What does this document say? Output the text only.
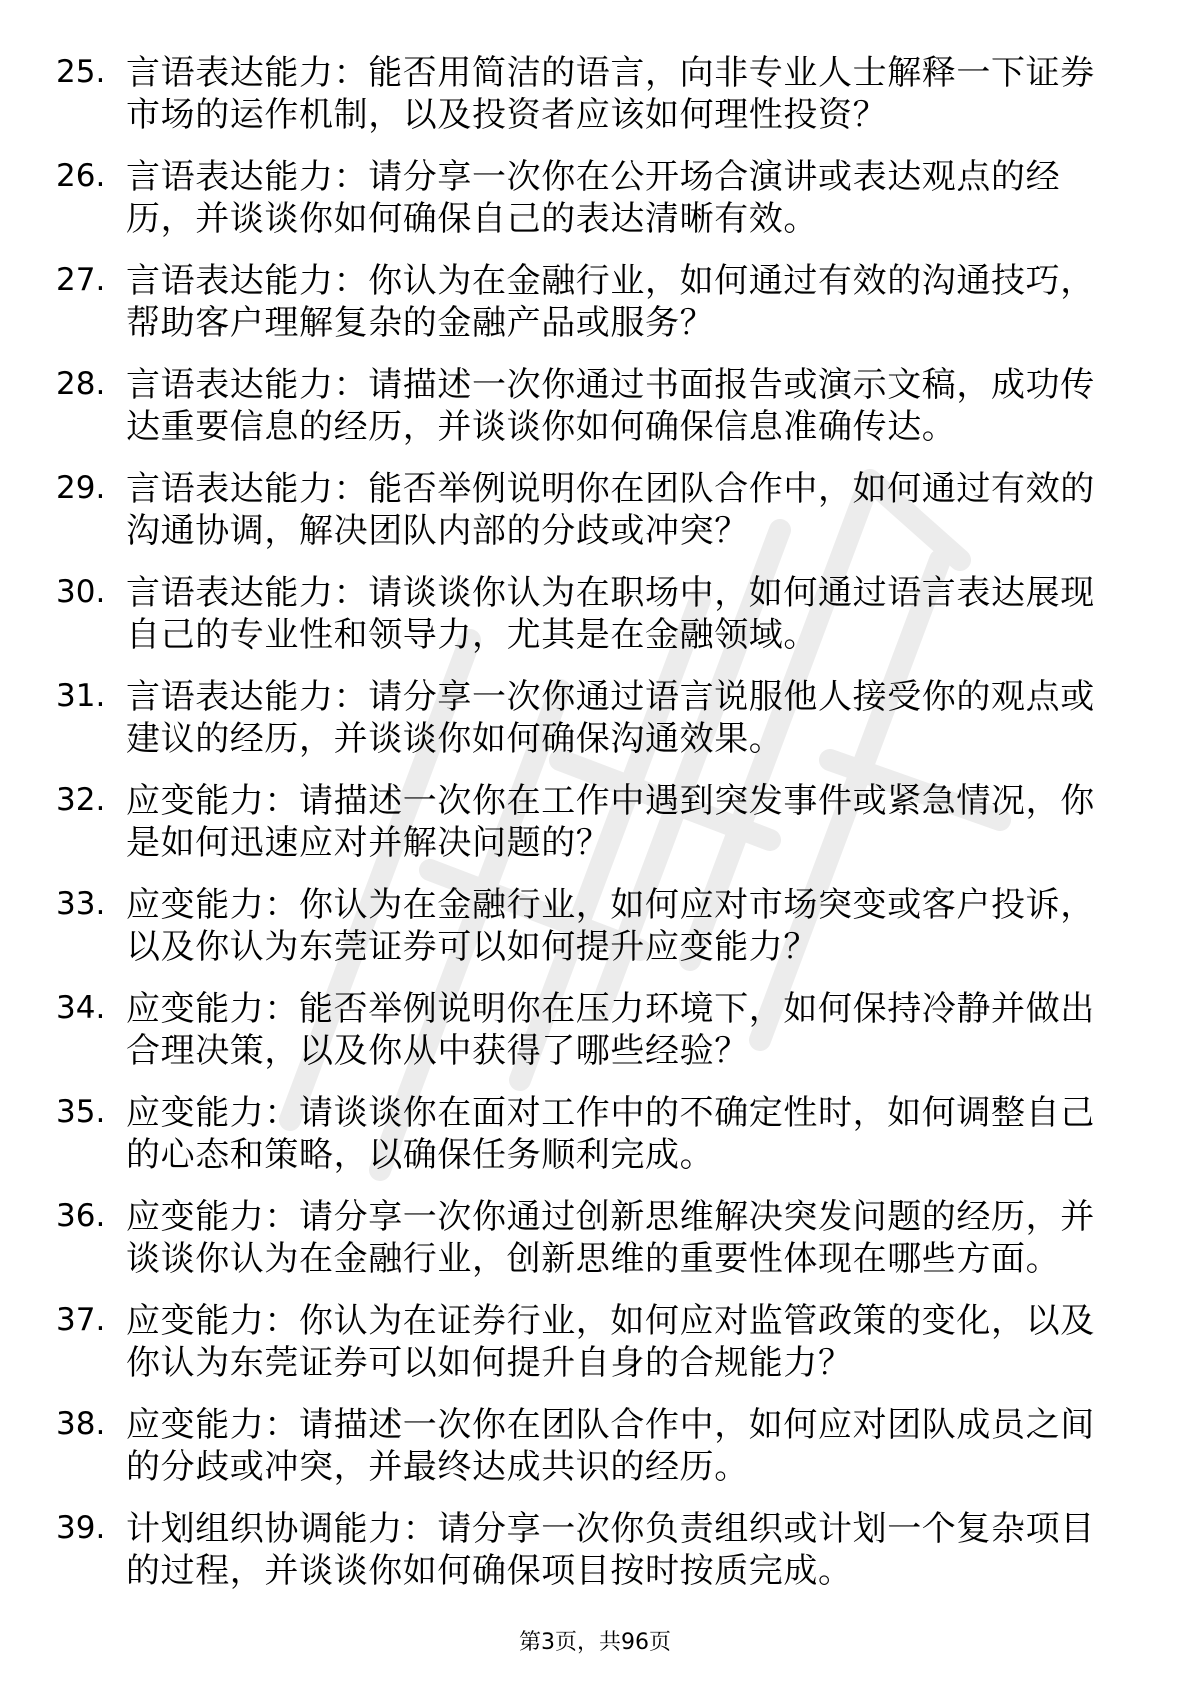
25. 言语表达能力：能否用简洁的语言，向非专业人士解释一下证券
市场的运作机制，以及投资者应该如何理性投资？
26. 言语表达能力：请分享一次你在公开场合演讲或表达观点的经
历，并谈谈你如何确保自己的表达清晰有效。
27. 言语表达能力：你认为在金融行业，如何通过有效的沟通技巧，
帮助客户理解复杂的金融产品或服务？
28. 言语表达能力：请描述一次你通过书面报告或演示文稿，成功传
达重要信息的经历，并谈谈你如何确保信息准确传达。
29. 言语表达能力：能否举例说明你在团队合作中，如何通过有效的
沟通协调，解决团队内部的分歧或冲突？
30. 言语表达能力：请谈谈你认为在职场中，如何通过语言表达展现
自己的专业性和领导力，尤其是在金融领域。
31. 言语表达能力：请分享一次你通过语言说服他人接受你的观点或
建议的经历，并谈谈你如何确保沟通效果。
32. 应变能力：请描述一次你在工作中遇到突发事件或紧急情况，你
是如何迅速应对并解决问题的？
33. 应变能力：你认为在金融行业，如何应对市场突变或客户投诉，
以及你认为东莞证券可以如何提升应变能力？
34. 应变能力：能否举例说明你在压力环境下，如何保持冷静并做出
合理决策，以及你从中获得了哪些经验？
35. 应变能力：请谈谈你在面对工作中的不确定性时，如何调整自己
的心态和策略，以确保任务顺利完成。
36. 应变能力：请分享一次你通过创新思维解决突发问题的经历，并
谈谈你认为在金融行业，创新思维的重要性体现在哪些方面。
37. 应变能力：你认为在证券行业，如何应对监管政策的变化，以及
你认为东莞证券可以如何提升自身的合规能力？
38. 应变能力：请描述一次你在团队合作中，如何应对团队成员之间
的分歧或冲突，并最终达成共识的经历。
39. 计划组织协调能力：请分享一次你负责组织或计划一个复杂项目
的过程，并谈谈你如何确保项目按时按质完成。
第3页，共96页
